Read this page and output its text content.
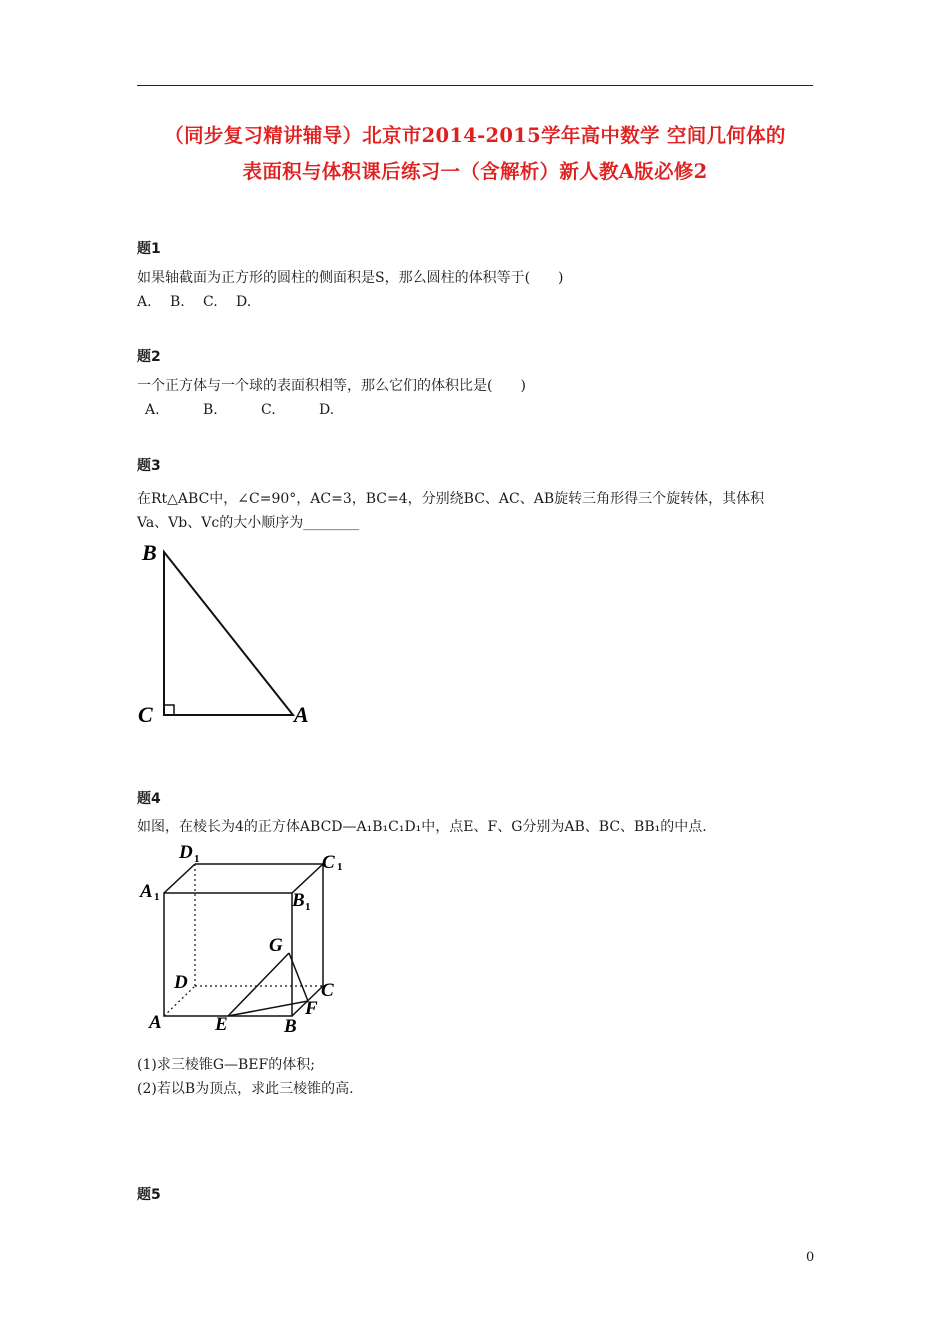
（同步复习精讲辅导）北京市2014-2015学年高中数学 空间几何体的
表面积与体积课后练习一（含解析）新人教A版必修2
题1
如果轴截面为正方形的圆柱的侧面积是S，那么圆柱的体积等于(　　)
A. B. C. D.
题2
一个正方体与一个球的表面积相等，那么它们的体积比是(　　)
A.	B.	C.	D.
题3
在Rt△ABC中，∠C=90°，AC=3，BC=4，分别绕BC、AC、AB旋转三角形得三个旋转体，其体积
Va、Vb、Vc的大小顺序为________
B
C	A
题4
如图，在棱长为4的正方体ABCD—A₁B₁C₁D₁中，点E、F、G分别为AB、BC、BB₁的中点.
D 1	C 1
A 1	B 1
G
D	C
F
A	E	B
(1)求三棱锥G—BEF的体积;
(2)若以B为顶点，求此三棱锥的高.
题5
0
